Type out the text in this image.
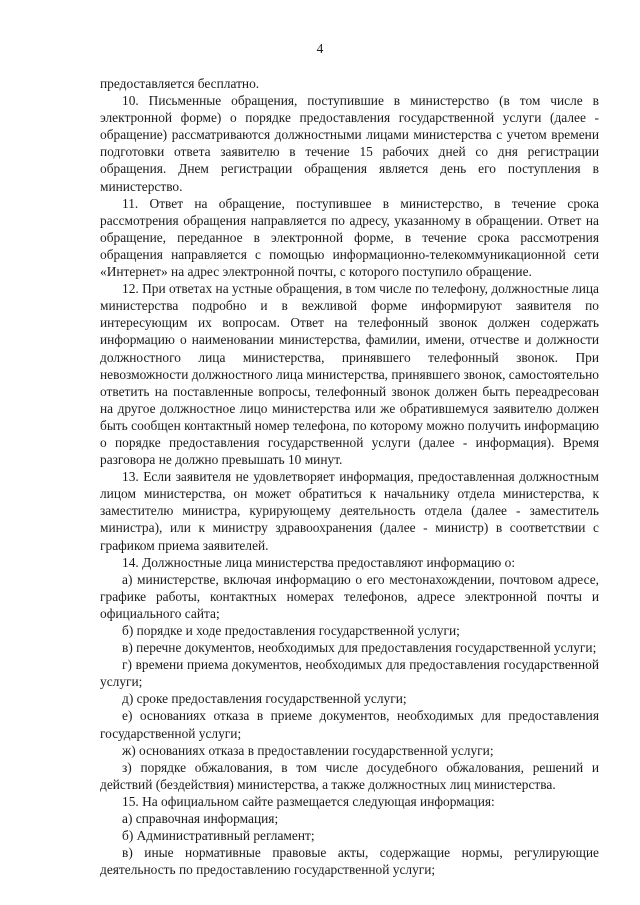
4

предоставляется бесплатно.

10. Письменные обращения, поступившие в министерство (в том числе в электронной форме) о порядке предоставления государственной услуги (далее - обращение) рассматриваются должностными лицами министерства с учетом времени подготовки ответа заявителю в течение 15 рабочих дней со дня регистрации обращения. Днем регистрации обращения является день его поступления в министерство.

11. Ответ на обращение, поступившее в министерство, в течение срока рассмотрения обращения направляется по адресу, указанному в обращении. Ответ на обращение, переданное в электронной форме, в течение срока рассмотрения обращения направляется с помощью информационно-телекоммуникационной сети «Интернет» на адрес электронной почты, с которого поступило обращение.

12. При ответах на устные обращения, в том числе по телефону, должностные лица министерства подробно и в вежливой форме информируют заявителя по интересующим их вопросам. Ответ на телефонный звонок должен содержать информацию о наименовании министерства, фамилии, имени, отчестве и должности должностного лица министерства, принявшего телефонный звонок. При невозможности должностного лица министерства, принявшего звонок, самостоятельно ответить на поставленные вопросы, телефонный звонок должен быть переадресован на другое должностное лицо министерства или же обратившемуся заявителю должен быть сообщен контактный номер телефона, по которому можно получить информацию о порядке предоставления государственной услуги (далее - информация). Время разговора не должно превышать 10 минут.

13. Если заявителя не удовлетворяет информация, предоставленная должностным лицом министерства, он может обратиться к начальнику отдела министерства, к заместителю министра, курирующему деятельность отдела (далее - заместитель министра), или к министру здравоохранения (далее - министр) в соответствии с графиком приема заявителей.

14. Должностные лица министерства предоставляют информацию о:

а) министерстве, включая информацию о его местонахождении, почтовом адресе, графике работы, контактных номерах телефонов, адресе электронной почты и официального сайта;

б) порядке и ходе предоставления государственной услуги;

в) перечне документов, необходимых для предоставления государственной услуги;

г) времени приема документов, необходимых для предоставления государственной услуги;

д) сроке предоставления государственной услуги;

е) основаниях отказа в приеме документов, необходимых для предоставления государственной услуги;

ж) основаниях отказа в предоставлении государственной услуги;

з) порядке обжалования, в том числе досудебного обжалования, решений и действий (бездействия) министерства, а также должностных лиц министерства.

15. На официальном сайте размещается следующая информация:

а) справочная информация;

б) Административный регламент;

в) иные нормативные правовые акты, содержащие нормы, регулирующие деятельность по предоставлению государственной услуги;
